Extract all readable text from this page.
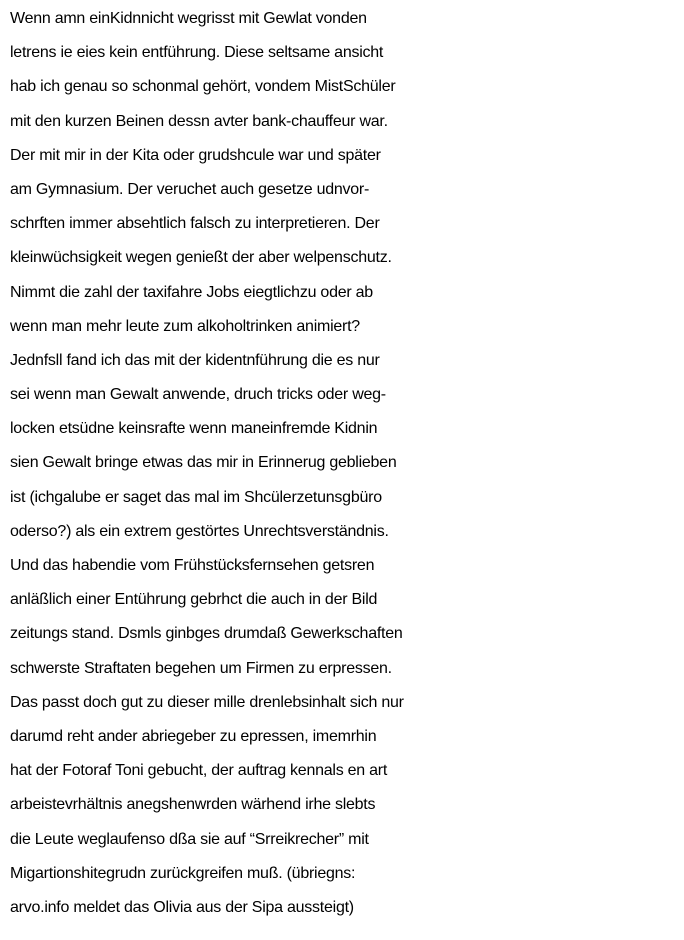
Wenn amn einKidnnicht wegrisst mit Gewlat vonden
letrens ie eies kein entführung. Diese seltsame ansicht
hab ich genau so schonmal gehört, vondem MistSchüler
mit den kurzen Beinen dessn avter bank-chauffeur war.
Der mit mir in der Kita oder grudshcule war und später
am Gymnasium. Der veruchet auch gesetze udnvor-
schrften immer absehtlich falsch zu interpretieren. Der
kleinwüchsigkeit wegen genießt der aber welpenschutz.
Nimmt die zahl der taxifahre Jobs eiegtlichzu oder ab
wenn man mehr leute zum alkoholtrinken animiert?
Jednfsll fand ich das mit der kidentnführung die es nur
sei wenn man Gewalt anwende, druch tricks oder weg-
locken etsüdne keinsrafte wenn maneinfremde Kidnin
sien Gewalt bringe etwas das mir in Erinnerug geblieben
ist (ichgalube er saget das mal im Shcülerzetunsgbüro
oderso?) als ein extrem gestörtes Unrechtsverständnis.
Und das habendie vom Frühstücksfernsehen getsren
anläßlich einer Entührung gebrhct die auch in der Bild
zeitungs stand. Dsmls ginbges drumdaß Gewerkschaften
schwerste Straftaten begehen um Firmen zu erpressen.
Das passt doch gut zu dieser mille drenlebsinhalt sich nur
darumd reht ander abriegeber zu epressen, imemrhin
hat der Fotoraf Toni gebucht, der auftrag kennals en art
arbeistevrhältnis anegshenwrden wärhend irhe slebts
die Leute weglaufenso dßa sie auf “Srreikrecher” mit
Migartionshitegrudn zurückgreifen muß. (übriegns:
arvo.info meldet das Olivia aus der Sipa aussteigt)
